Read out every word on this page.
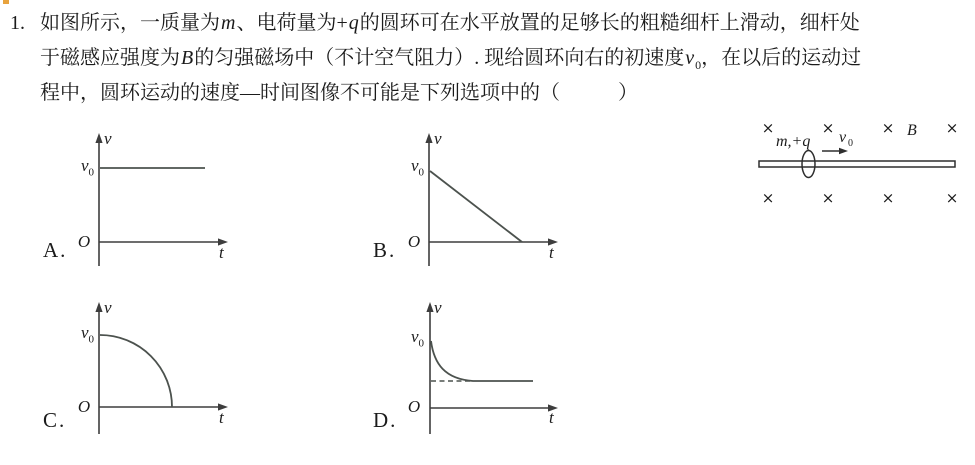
1. 如图所示，一质量为m、电荷量为+q的圆环可在水平放置的足够长的粗糙细杆上滑动，细杆处
于磁感应强度为B的匀强磁场中（不计空气阻力）. 现给圆环向右的初速度$v_0$，在以后的运动过
程中，圆环运动的速度—时间图像不可能是下列选项中的（	）
v
$v_0$
O
t
A.
v
$v_0$
O
t
B.
v
$v_0$
O
t
C.
v
$v_0$
O
t
D.
×	×	×	×
B
m,+q v 0
×	×	×	×
